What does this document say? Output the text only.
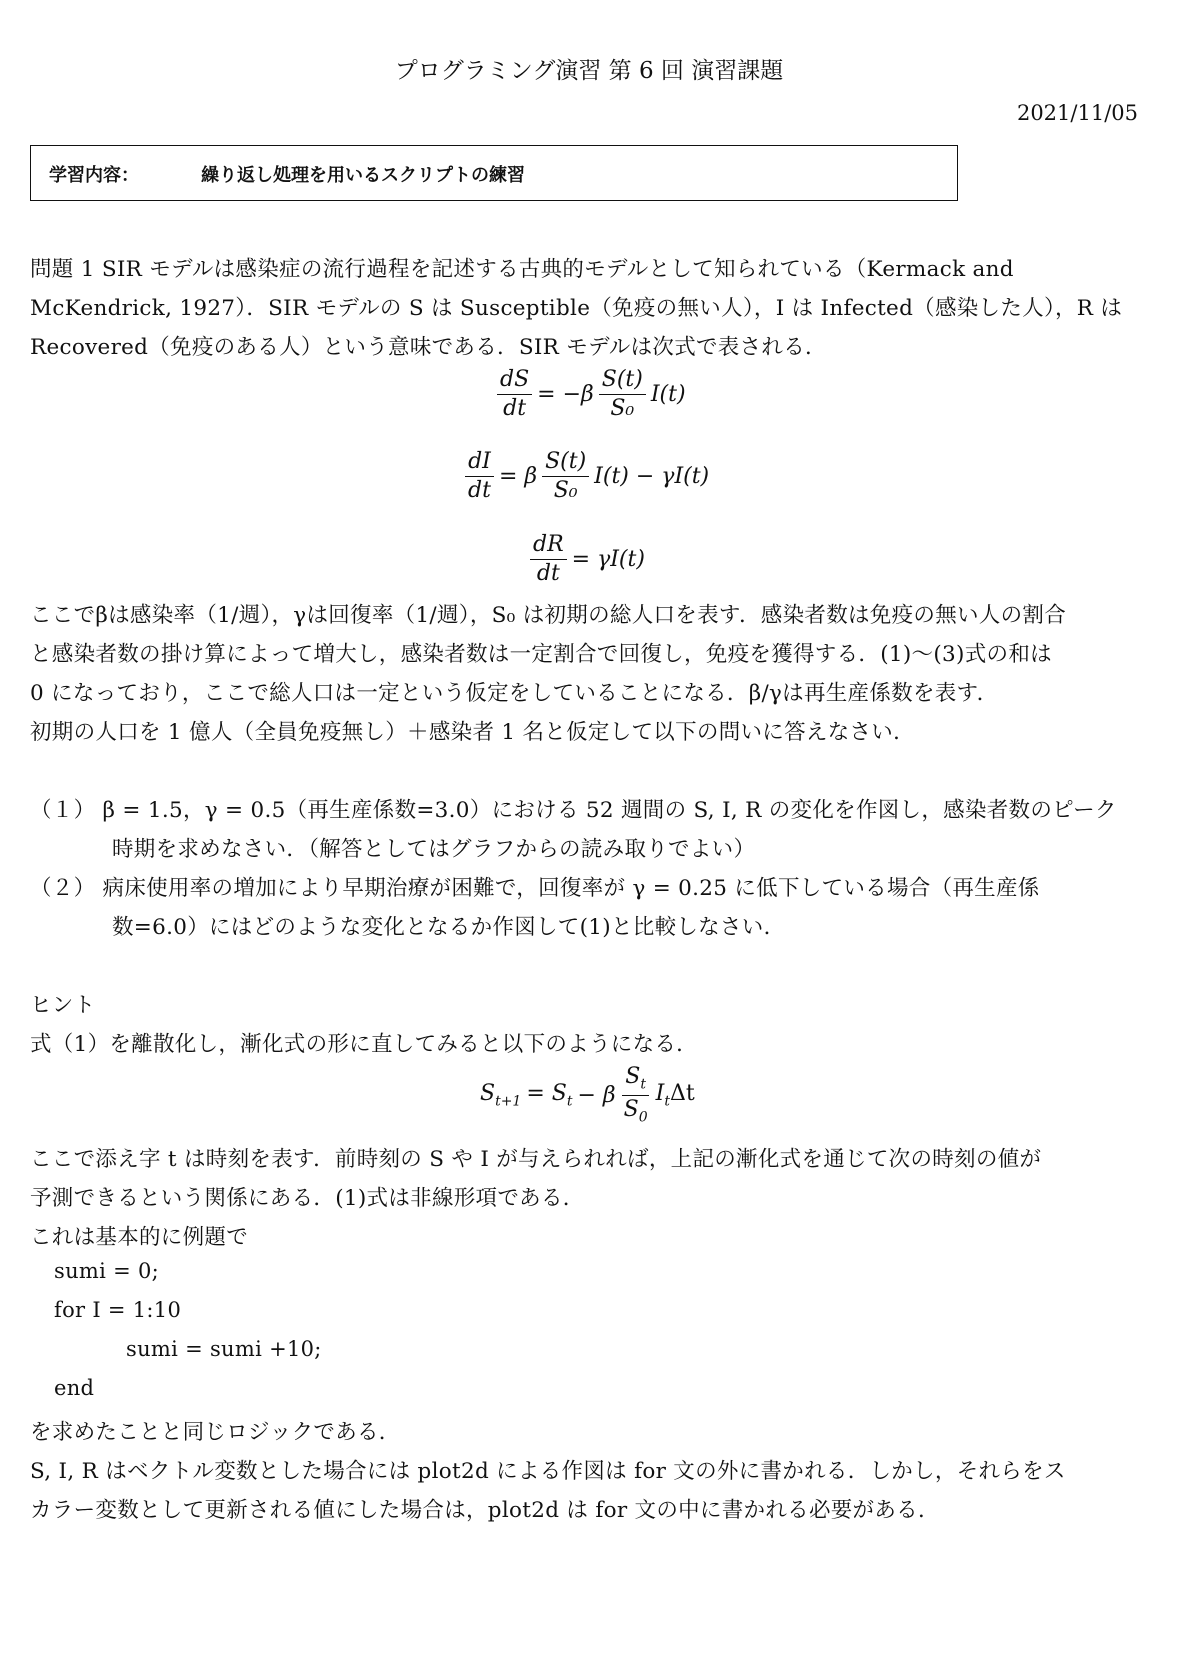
プログラミング演習 第 6 回 演習課題
2021/11/05
学習内容：	繰り返し処理を用いるスクリプトの練習
問題 1 SIR モデルは感染症の流行過程を記述する古典的モデルとして知られている（Kermack and
McKendrick, 1927）．SIR モデルの S は Susceptible（免疫の無い人），I は Infected（感染した人），R は
Recovered（免疫のある人）という意味である．SIR モデルは次式で表される．
$\frac{dS}{dt} = -\beta \frac{S(t)}{\text{S₀}} I(t)$
$\frac{dI}{dt} = \beta \frac{S(t)}{\text{S₀}} I(t) - \gamma I(t)$
$\frac{dR}{dt} = \gamma I(t)$
ここでβは感染率（1/週），γは回復率（1/週），S₀ は初期の総人口を表す．感染者数は免疫の無い人の割合
と感染者数の掛け算によって増大し，感染者数は一定割合で回復し，免疫を獲得する．(1)〜(3)式の和は
0 になっており，ここで総人口は一定という仮定をしていることになる．β/γは再生産係数を表す．
初期の人口を 1 億人（全員免疫無し）＋感染者 1 名と仮定して以下の問いに答えなさい．
（１） β = 1.5，γ = 0.5（再生産係数=3.0）における 52 週間の S, I, R の変化を作図し，感染者数のピーク
時期を求めなさい．（解答としてはグラフからの読み取りでよい）
（２） 病床使用率の増加により早期治療が困難で，回復率が γ = 0.25 に低下している場合（再生産係
数=6.0）にはどのような変化となるか作図して(1)と比較しなさい．
ヒント
式（1）を離散化し，漸化式の形に直してみると以下のようになる．
$S_{t+1} = S_t - \beta \frac{S_t}{S_0} I_t\Delta t$
ここで添え字 t は時刻を表す．前時刻の S や I が与えられれば，上記の漸化式を通じて次の時刻の値が
予測できるという関係にある．(1)式は非線形項である．
これは基本的に例題で
sumi = 0;
for I = 1:10
sumi = sumi +10;
end
を求めたことと同じロジックである．
S, I, R はベクトル変数とした場合には plot2d による作図は for 文の外に書かれる．しかし，それらをス
カラー変数として更新される値にした場合は，plot2d は for 文の中に書かれる必要がある．
